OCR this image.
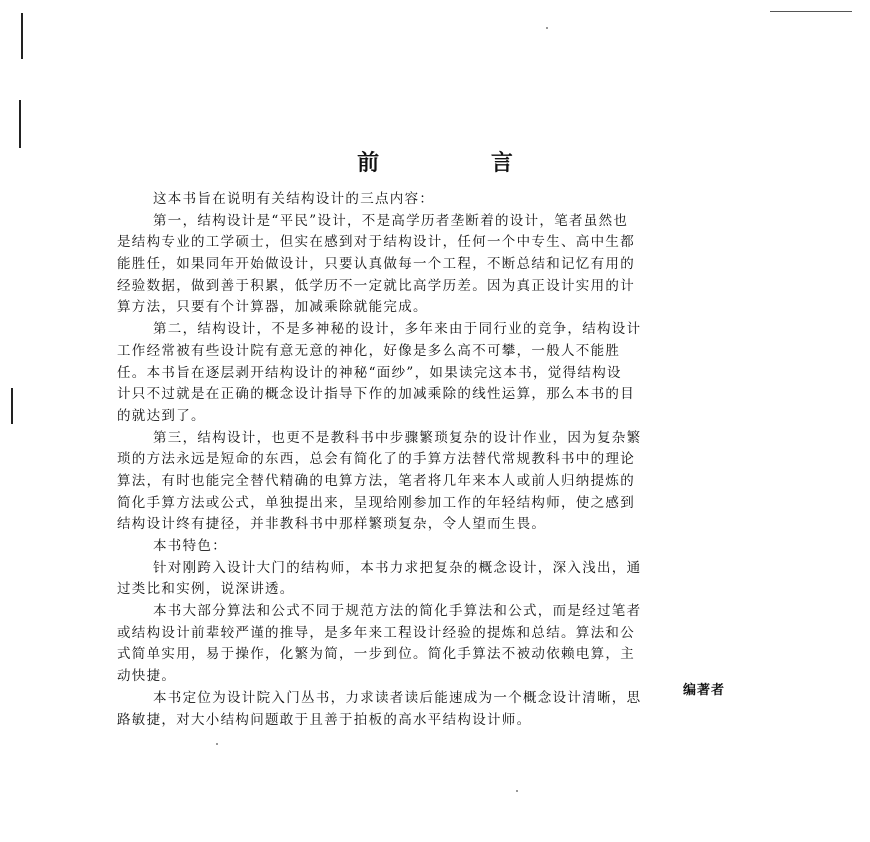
前 言
这本书旨在说明有关结构设计的三点内容：
第一，结构设计是“平民”设计，不是高学历者垄断着的设计，笔者虽然也
是结构专业的工学硕士，但实在感到对于结构设计，任何一个中专生、高中生都
能胜任，如果同年开始做设计，只要认真做每一个工程，不断总结和记忆有用的
经验数据，做到善于积累，低学历不一定就比高学历差。因为真正设计实用的计
算方法，只要有个计算器，加减乘除就能完成。
第二，结构设计，不是多神秘的设计，多年来由于同行业的竞争，结构设计
工作经常被有些设计院有意无意的神化，好像是多么高不可攀，一般人不能胜
任。本书旨在逐层剥开结构设计的神秘“面纱”，如果读完这本书，觉得结构设
计只不过就是在正确的概念设计指导下作的加减乘除的线性运算，那么本书的目
的就达到了。
第三，结构设计，也更不是教科书中步骤繁琐复杂的设计作业，因为复杂繁
琐的方法永远是短命的东西，总会有简化了的手算方法替代常规教科书中的理论
算法，有时也能完全替代精确的电算方法，笔者将几年来本人或前人归纳提炼的
简化手算方法或公式，单独提出来，呈现给刚参加工作的年轻结构师，使之感到
结构设计终有捷径，并非教科书中那样繁琐复杂，令人望而生畏。
本书特色：
针对刚跨入设计大门的结构师，本书力求把复杂的概念设计，深入浅出，通
过类比和实例，说深讲透。
本书大部分算法和公式不同于规范方法的简化手算法和公式，而是经过笔者
或结构设计前辈较严谨的推导，是多年来工程设计经验的提炼和总结。算法和公
式简单实用，易于操作，化繁为简，一步到位。简化手算法不被动依赖电算，主
动快捷。
本书定位为设计院入门丛书，力求读者读后能速成为一个概念设计清晰，思
路敏捷，对大小结构问题敢于且善于拍板的高水平结构设计师。
编著者
